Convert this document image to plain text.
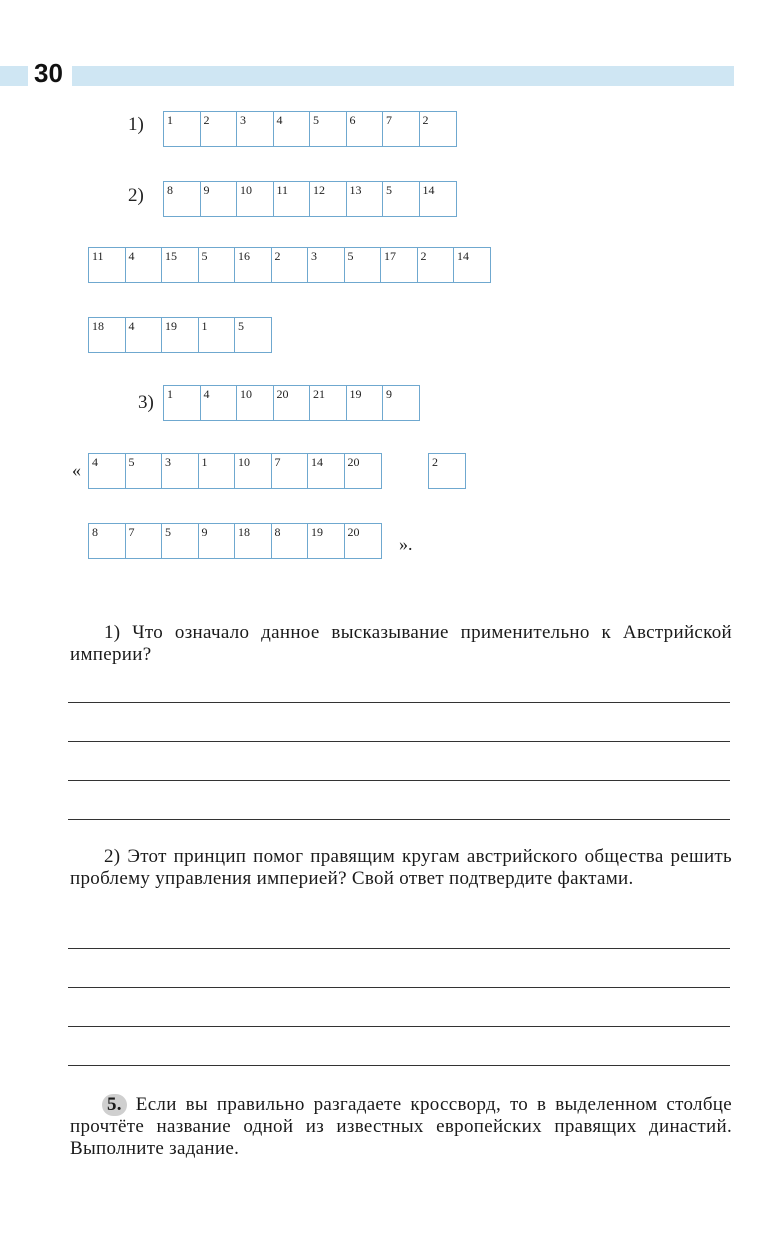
30
1)	1	2	3	4	5	6	7	2
2)	8	9	10	11	12	13	5	14
11	4	15	5	16	2	3	5	17	2	14
18	4	19	1	5
3)	1	4	10	20	21	19	9
« 4	5	3	1	10	7	14	20	2
8	7	5	9	18	8	19	20
».
1) Что означало данное высказывание применительно к Австрийской империи?
2) Этот принцип помог правящим кругам австрийского общества решить проблему управления империей? Свой ответ подтвердите фактами.
5. Если вы правильно разгадаете кроссворд, то в выделенном столбце прочтёте название одной из известных европейских правящих династий. Выполните задание.
